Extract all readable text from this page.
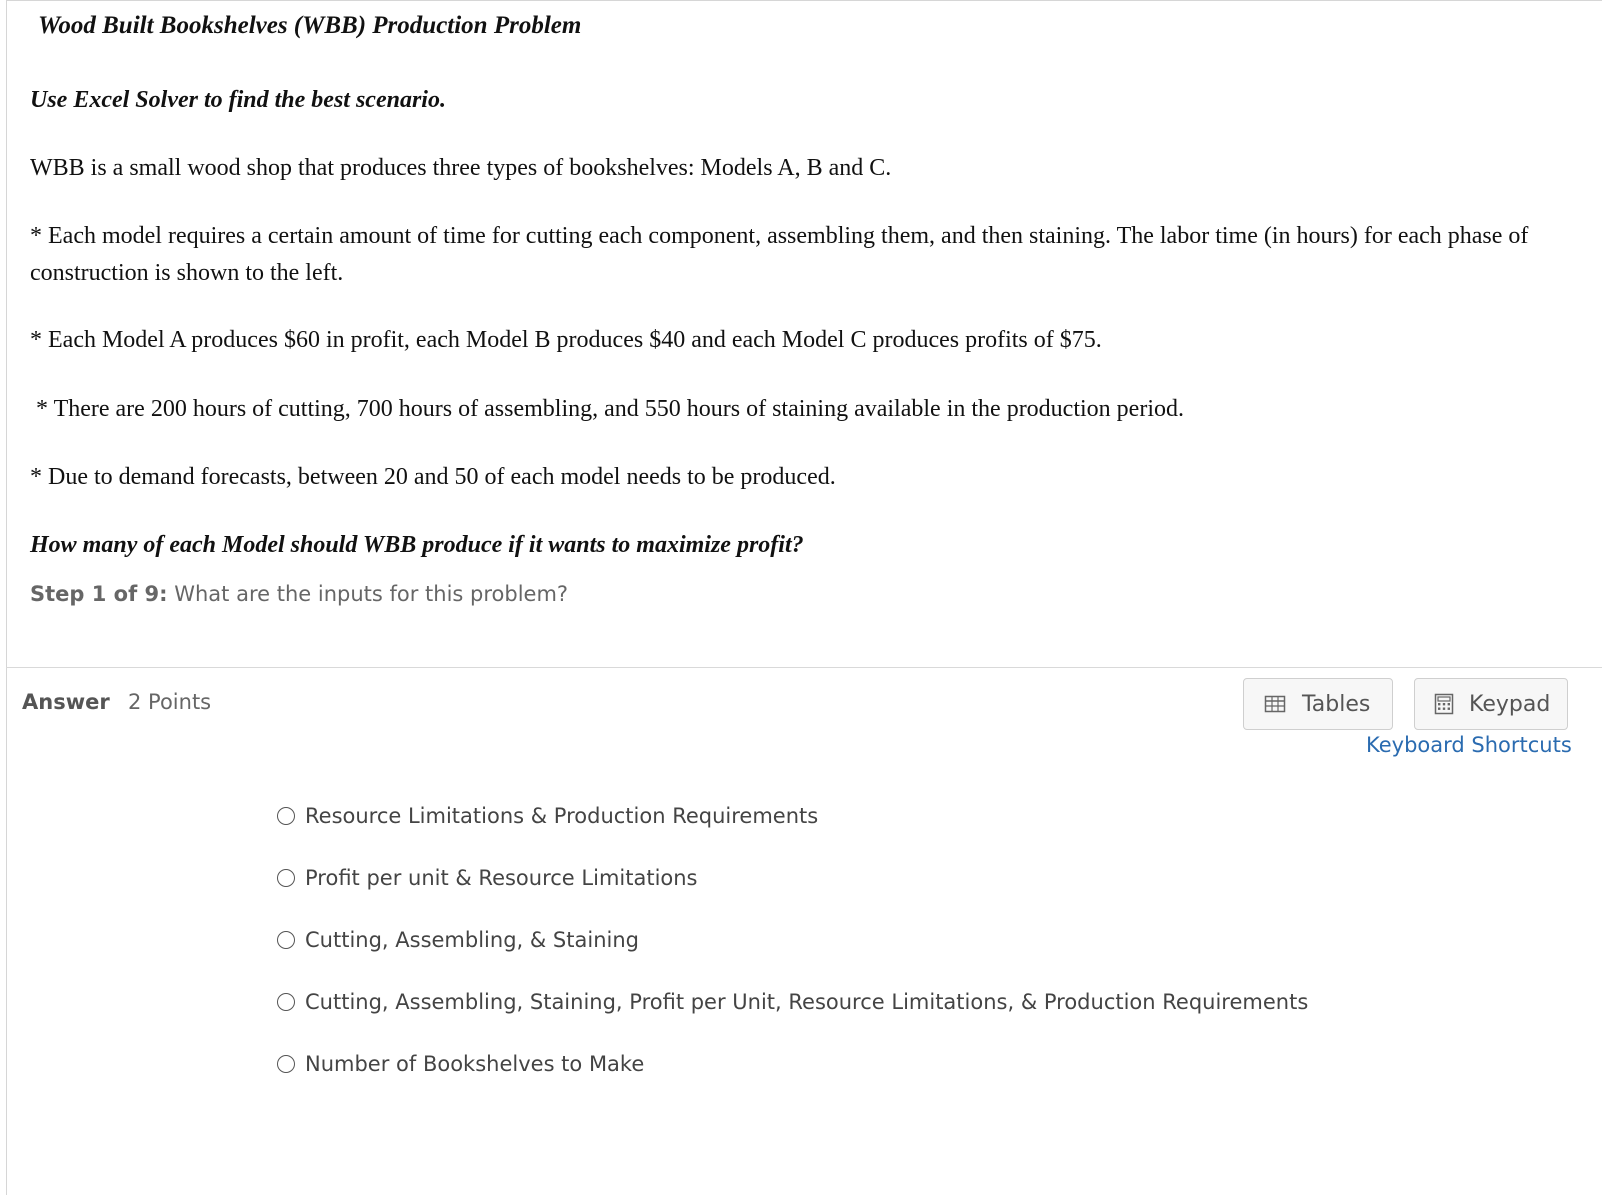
Wood Built Bookshelves (WBB) Production Problem
Use Excel Solver to find the best scenario.
WBB is a small wood shop that produces three types of bookshelves: Models A, B and C.
* Each model requires a certain amount of time for cutting each component, assembling them, and then staining. The labor time (in hours) for each phase of construction is shown to the left.
* Each Model A produces $60 in profit, each Model B produces $40 and each Model C produces profits of $75.
* There are 200 hours of cutting, 700 hours of assembling, and 550 hours of staining available in the production period.
* Due to demand forecasts, between 20 and 50 of each model needs to be produced.
How many of each Model should WBB produce if it wants to maximize profit?
Step 1 of 9: What are the inputs for this problem?
Answer 2 Points	Tables	Keypad
Keyboard Shortcuts
Resource Limitations & Production Requirements
Profit per unit & Resource Limitations
Cutting, Assembling, & Staining
Cutting, Assembling, Staining, Profit per Unit, Resource Limitations, & Production Requirements
Number of Bookshelves to Make
